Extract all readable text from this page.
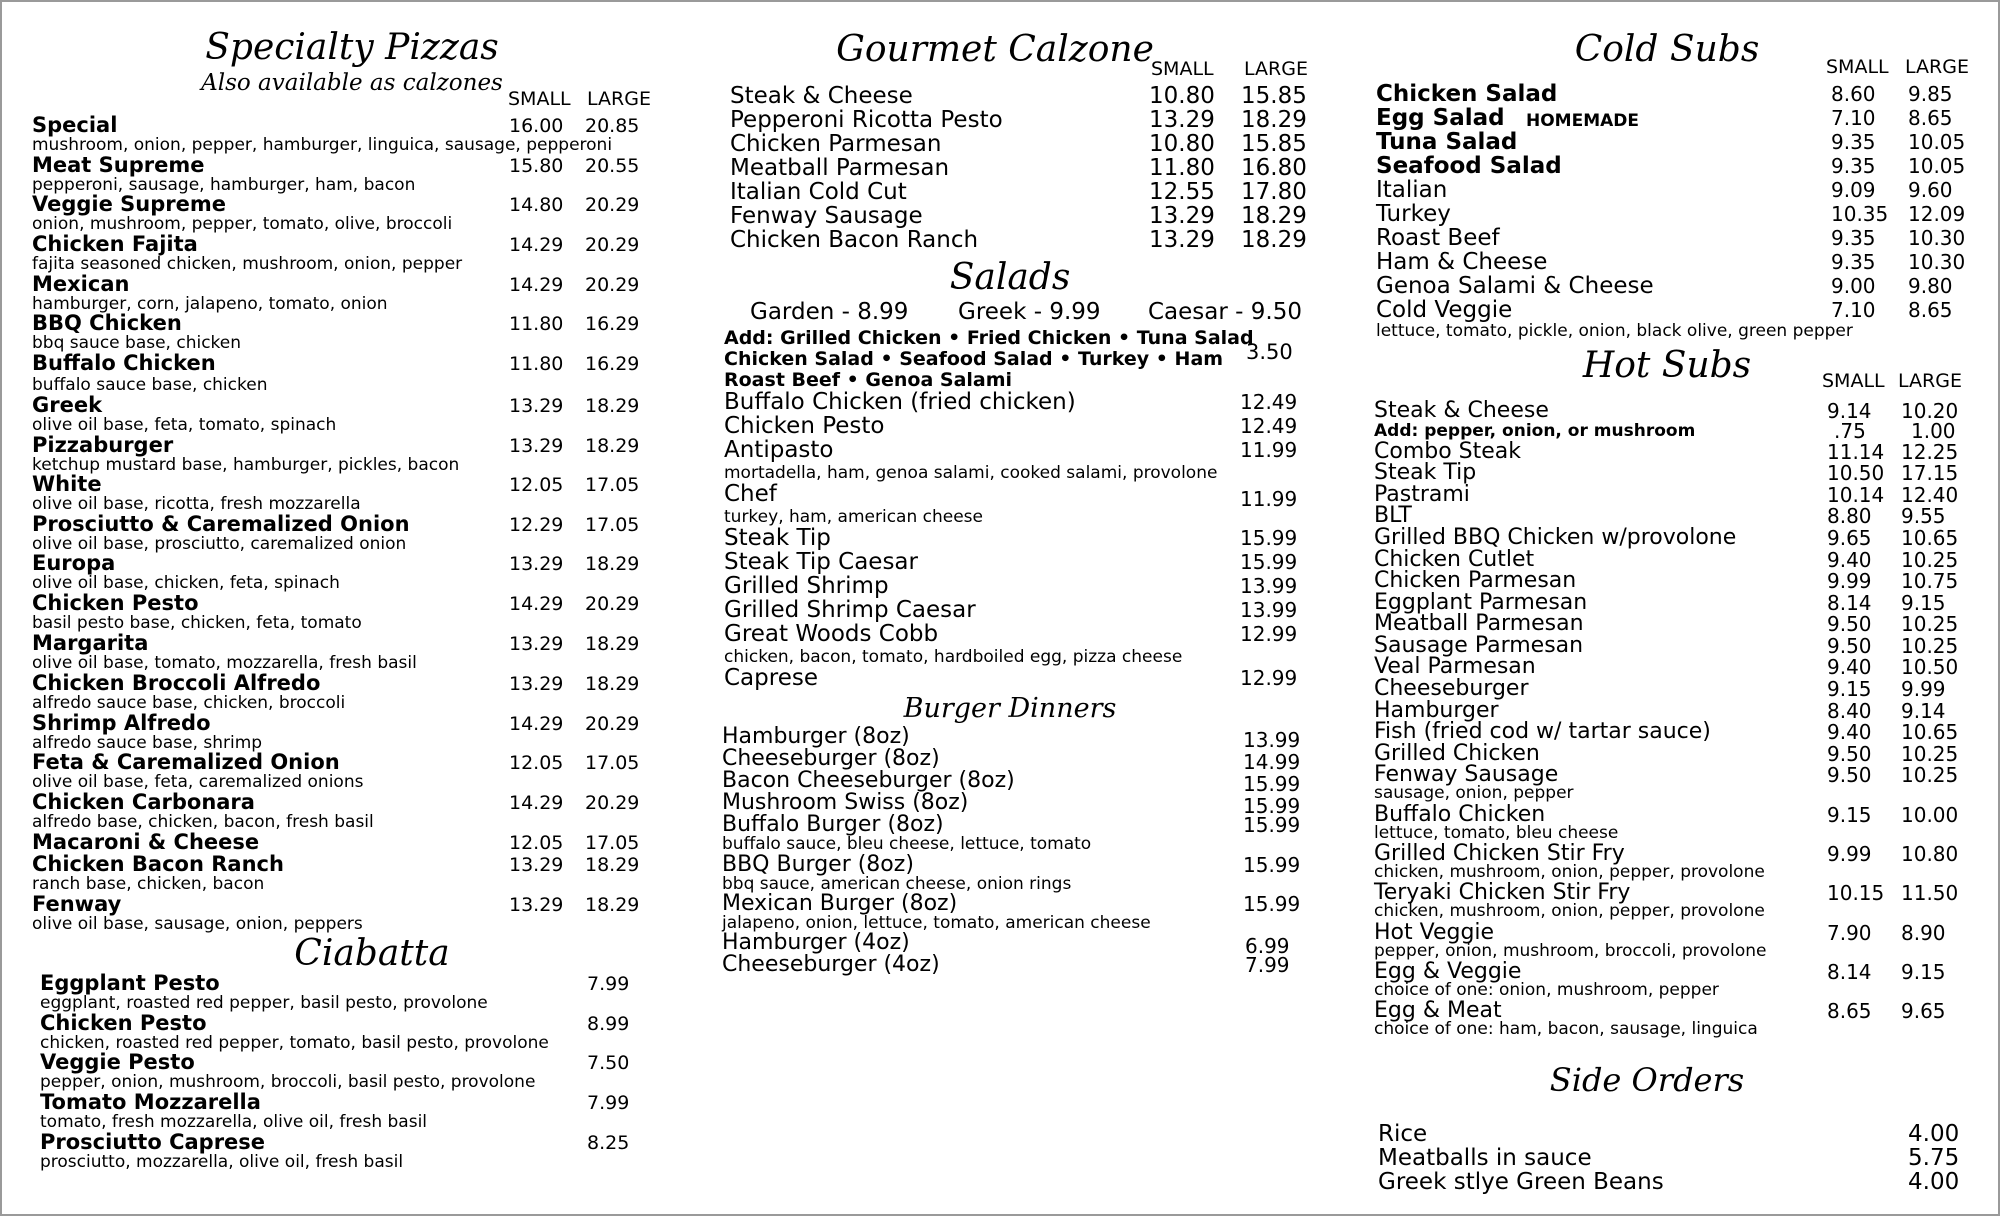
Specialty Pizzas
Also available as calzones
SMALL LARGE
Special
mushroom, onion, pepper, hamburger, linguica, sausage, pepperoni
16.00 20.85
Meat Supreme
pepperoni, sausage, hamburger, ham, bacon
15.80 20.55
Veggie Supreme
onion, mushroom, pepper, tomato, olive, broccoli
14.80 20.29
Chicken Fajita
fajita seasoned chicken, mushroom, onion, pepper
14.29 20.29
Mexican
hamburger, corn, jalapeno, tomato, onion
14.29 20.29
BBQ Chicken
bbq sauce base, chicken
11.80 16.29
Buffalo Chicken
buffalo sauce base, chicken
11.80 16.29
Greek
olive oil base, feta, tomato, spinach
13.29 18.29
Pizzaburger
ketchup mustard base, hamburger, pickles, bacon
13.29 18.29
White
olive oil base, ricotta, fresh mozzarella
12.05 17.05
Prosciutto & Caremalized Onion
olive oil base, prosciutto, caremalized onion
12.29 17.05
Europa
olive oil base, chicken, feta, spinach
13.29 18.29
Chicken Pesto
basil pesto base, chicken, feta, tomato
14.29 20.29
Margarita
olive oil base, tomato, mozzarella, fresh basil
13.29 18.29
Chicken Broccoli Alfredo
alfredo sauce base, chicken, broccoli
13.29 18.29
Shrimp Alfredo
alfredo sauce base, shrimp
14.29 20.29
Feta & Caremalized Onion
olive oil base, feta, caremalized onions
12.05 17.05
Chicken Carbonara
alfredo base, chicken, bacon, fresh basil
14.29 20.29
Macaroni & Cheese	12.05 17.05
Chicken Bacon Ranch
ranch base, chicken, bacon
13.29 18.29
Fenway
olive oil base, sausage, onion, peppers
13.29 18.29
Ciabatta
Eggplant Pesto
eggplant, roasted red pepper, basil pesto, provolone
7.99
Chicken Pesto
chicken, roasted red pepper, tomato, basil pesto, provolone
8.99
Veggie Pesto
pepper, onion, mushroom, broccoli, basil pesto, provolone
7.50
Tomato Mozzarella
tomato, fresh mozzarella, olive oil, fresh basil
7.99
Prosciutto Caprese
prosciutto, mozzarella, olive oil, fresh basil
8.25
Gourmet Calzone
SMALL LARGE
Steak & Cheese	10.80 15.85
Pepperoni Ricotta Pesto	13.29 18.29
Chicken Parmesan	10.80 15.85
Meatball Parmesan	11.80 16.80
Italian Cold Cut	12.55 17.80
Fenway Sausage	13.29 18.29
Chicken Bacon Ranch	13.29 18.29
Salads
Garden - 8.99 Greek - 9.99 Caesar - 9.50
Add: Grilled Chicken • Fried Chicken • Tuna Salad
Chicken Salad • Seafood Salad • Turkey • Ham
Roast Beef • Genoa Salami
3.50
Buffalo Chicken (fried chicken)	12.49
Chicken Pesto	12.49
Antipasto
mortadella, ham, genoa salami, cooked salami, provolone
11.99
Chef
turkey, ham, american cheese
11.99
Steak Tip	15.99
Steak Tip Caesar	15.99
Grilled Shrimp	13.99
Grilled Shrimp Caesar	13.99
Great Woods Cobb
chicken, bacon, tomato, hardboiled egg, pizza cheese
12.99
Caprese	12.99
Burger Dinners
Hamburger (8oz)	13.99
Cheeseburger (8oz)	14.99
Bacon Cheeseburger (8oz)	15.99
Mushroom Swiss (8oz)	15.99
Buffalo Burger (8oz)
buffalo sauce, bleu cheese, lettuce, tomato
15.99
BBQ Burger (8oz)
bbq sauce, american cheese, onion rings
15.99
Mexican Burger (8oz)
jalapeno, onion, lettuce, tomato, american cheese
15.99
Hamburger (4oz)	6.99
Cheeseburger (4oz)	7.99
Cold Subs	SMALL LARGE
Chicken Salad	8.60 9.85
Egg Salad HOMEMADE	7.10 8.65
Tuna Salad	9.35 10.05
Seafood Salad	9.35 10.05
Italian	9.09 9.60
Turkey	10.35 12.09
Roast Beef	9.35 10.30
Ham & Cheese	9.35 10.30
Genoa Salami & Cheese	9.00 9.80
Cold Veggie
lettuce, tomato, pickle, onion, black olive, green pepper
7.10 8.65
Hot Subs	SMALL LARGE
Steak & Cheese	9.14 10.20
Add: pepper, onion, or mushroom	.75 1.00
Combo Steak	11.14 12.25
Steak Tip	10.50 17.15
Pastrami	10.14 12.40
BLT	8.80 9.55
Grilled BBQ Chicken w/provolone	9.65 10.65
Chicken Cutlet	9.40 10.25
Chicken Parmesan	9.99 10.75
Eggplant Parmesan	8.14 9.15
Meatball Parmesan	9.50 10.25
Sausage Parmesan	9.50 10.25
Veal Parmesan	9.40 10.50
Cheeseburger	9.15 9.99
Hamburger	8.40 9.14
Fish (fried cod w/ tartar sauce)	9.40 10.65
Grilled Chicken	9.50 10.25
Fenway Sausage
sausage, onion, pepper
9.50 10.25
Buffalo Chicken
lettuce, tomato, bleu cheese
9.15 10.00
Grilled Chicken Stir Fry
chicken, mushroom, onion, pepper, provolone
9.99 10.80
Teryaki Chicken Stir Fry
chicken, mushroom, onion, pepper, provolone
10.15 11.50
Hot Veggie
pepper, onion, mushroom, broccoli, provolone
7.90 8.90
Egg & Veggie
choice of one: onion, mushroom, pepper
8.14 9.15
Egg & Meat
choice of one: ham, bacon, sausage, linguica
8.65 9.65
Side Orders
Rice	4.00
Meatballs in sauce	5.75
Greek stlye Green Beans	4.00
